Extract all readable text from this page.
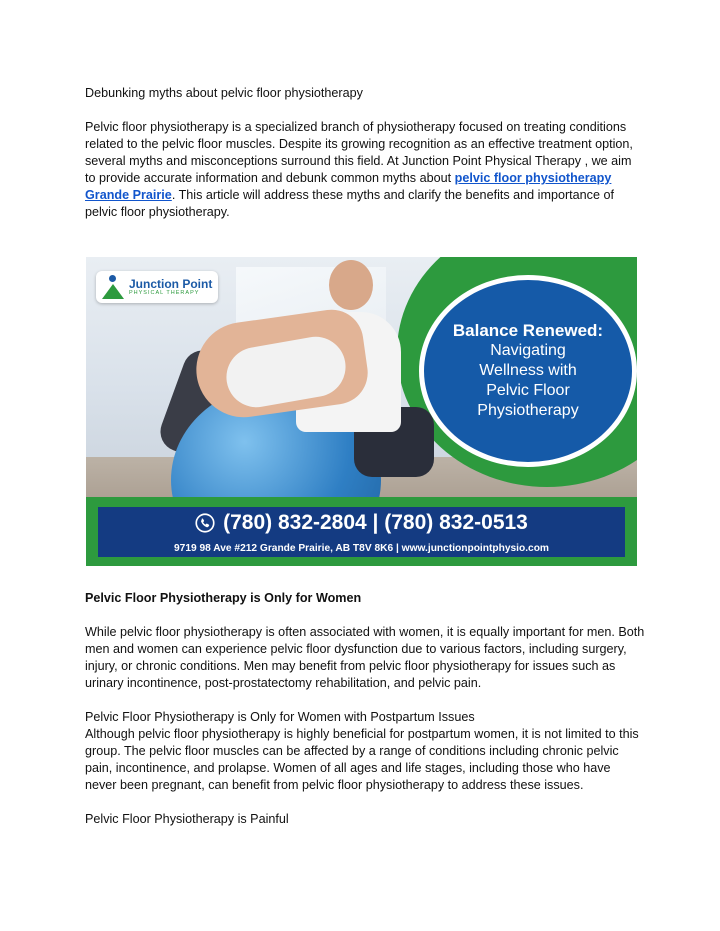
Debunking myths about pelvic floor physiotherapy
Pelvic floor physiotherapy is a specialized branch of physiotherapy focused on treating conditions related to the pelvic floor muscles. Despite its growing recognition as an effective treatment option, several myths and misconceptions surround this field. At Junction Point Physical Therapy , we aim to provide accurate information and debunk common myths about pelvic floor physiotherapy Grande Prairie. This article will address these myths and clarify the benefits and importance of pelvic floor physiotherapy.
Junction Point
PHYSICAL THERAPY
Balance Renewed:
Navigating
Wellness with
Pelvic Floor
Physiotherapy
(780) 832-2804 | (780) 832-0513
9719 98 Ave #212 Grande Prairie, AB T8V 8K6 | www.junctionpointphysio.com
Pelvic Floor Physiotherapy is Only for Women
While pelvic floor physiotherapy is often associated with women, it is equally important for men. Both men and women can experience pelvic floor dysfunction due to various factors, including surgery, injury, or chronic conditions. Men may benefit from pelvic floor physiotherapy for issues such as urinary incontinence, post-prostatectomy rehabilitation, and pelvic pain.
Pelvic Floor Physiotherapy is Only for Women with Postpartum Issues
Although pelvic floor physiotherapy is highly beneficial for postpartum women, it is not limited to this group. The pelvic floor muscles can be affected by a range of conditions including chronic pelvic pain, incontinence, and prolapse. Women of all ages and life stages, including those who have never been pregnant, can benefit from pelvic floor physiotherapy to address these issues.
Pelvic Floor Physiotherapy is Painful
